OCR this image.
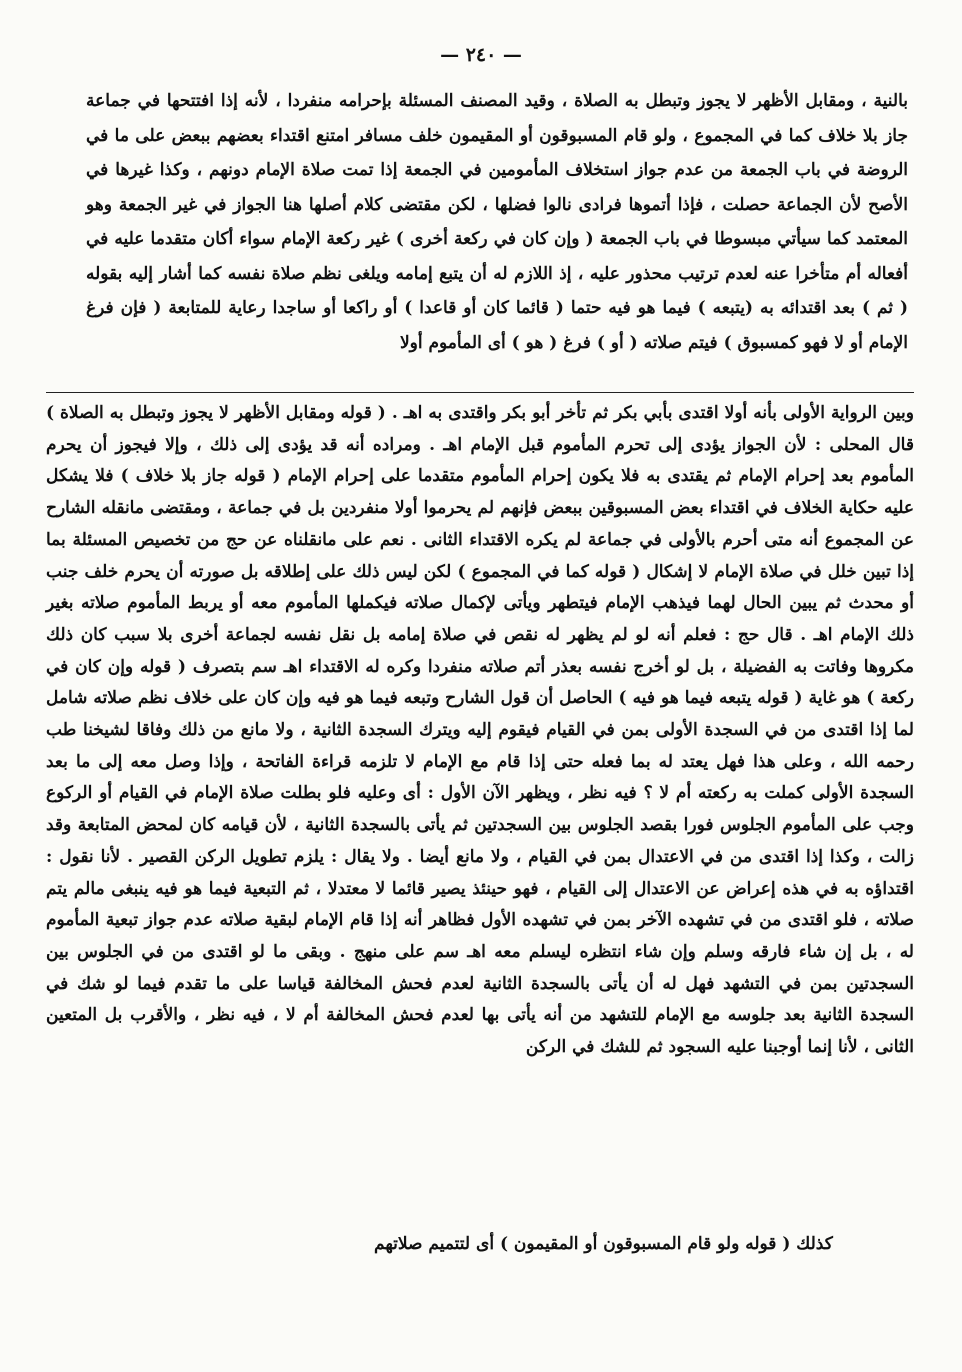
— ٢٤٠ —

بالنية ، ومقابل الأظهر لا يجوز وتبطل به الصلاة ، وقيد المصنف المسئلة بإحرامه منفردا ، لأنه إذا افتتحها في جماعة جاز بلا خلاف كما في المجموع ، ولو قام المسبوقون أو المقيمون خلف مسافر امتنع اقتداء بعضهم ببعض على ما في الروضة في باب الجمعة من عدم جواز استخلاف المأمومين في الجمعة إذا تمت صلاة الإمام دونهم ، وكذا غيرها في الأصح لأن الجماعة حصلت ، فإذا أتموها فرادى نالوا فضلها ، لكن مقتضى كلام أصلها هنا الجواز في غير الجمعة وهو المعتمد كما سيأتي مبسوطا في باب الجمعة ( وإن كان في ركعة أخرى ) غير ركعة الإمام سواء أكان متقدما عليه في أفعاله أم متأخرا عنه لعدم ترتيب محذور عليه ، إذ اللازم له أن يتبع إمامه ويلغى نظم صلاة نفسه كما أشار إليه بقوله ( ثم ) بعد اقتدائه به (يتبعه ) فيما هو فيه حتما ( قائما كان أو قاعدا ) أو راكعا أو ساجدا رعاية للمتابعة ( فإن فرغ الإمام أو لا فهو كمسبوق ) فيتم صلاته ( أو ) فرغ ( هو ) أى المأموم أولا

وبين الرواية الأولى بأنه أولا اقتدى بأبي بكر ثم تأخر أبو بكر واقتدى به اهـ . ( قوله ومقابل الأظهر لا يجوز وتبطل به الصلاة ) قال المحلى : لأن الجواز يؤدى إلى تحرم المأموم قبل الإمام اهـ . ومراده أنه قد يؤدى إلى ذلك ، وإلا فيجوز أن يحرم المأموم بعد إحرام الإمام ثم يقتدى به فلا يكون إحرام المأموم متقدما على إحرام الإمام ( قوله جاز بلا خلاف ) فلا يشكل عليه حكاية الخلاف في اقتداء بعض المسبوقين ببعض فإنهم لم يحرموا أولا منفردين بل في جماعة ، ومقتضى مانقله الشارح عن المجموع أنه متى أحرم بالأولى في جماعة لم يكره الاقتداء الثانى . نعم على مانقلناه عن حج من تخصيص المسئلة بما إذا تبين خلل في صلاة الإمام لا إشكال ( قوله كما في المجموع ) لكن ليس ذلك على إطلاقه بل صورته أن يحرم خلف جنب أو محدث ثم يبين الحال لهما فيذهب الإمام فيتطهر ويأتى لإكمال صلاته فيكملها المأموم معه أو يربط المأموم صلاته بغير ذلك الإمام اهـ . قال حج : فعلم أنه لو لم يظهر له نقص في صلاة إمامه بل نقل نفسه لجماعة أخرى بلا سبب كان ذلك مكروها وفاتت به الفضيلة ، بل لو أخرج نفسه بعذر أتم صلاته منفردا وكره له الاقتداء اهـ سم بتصرف ( قوله وإن كان في ركعة ) هو غاية ( قوله يتبعه فيما هو فيه ) الحاصل أن قول الشارح وتبعه فيما هو فيه وإن كان على خلاف نظم صلاته شامل لما إذا اقتدى من في السجدة الأولى بمن في القيام فيقوم إليه ويترك السجدة الثانية ، ولا مانع من ذلك وفاقا لشيخنا طب رحمه الله ، وعلى هذا فهل يعتد له بما فعله حتى إذا قام مع الإمام لا تلزمه قراءة الفاتحة ، وإذا وصل معه إلى ما بعد السجدة الأولى كملت به ركعته أم لا ؟ فيه نظر ، ويظهر الآن الأول : أى وعليه فلو بطلت صلاة الإمام في القيام أو الركوع وجب على المأموم الجلوس فورا بقصد الجلوس بين السجدتين ثم يأتى بالسجدة الثانية ، لأن قيامه كان لمحض المتابعة وقد زالت ، وكذا إذا اقتدى من في الاعتدال بمن في القيام ، ولا مانع أيضا . ولا يقال : يلزم تطويل الركن القصير . لأنا نقول : اقتداؤه به في هذه إعراض عن الاعتدال إلى القيام ، فهو حينئذ يصير قائما لا معتدلا ، ثم التبعية فيما هو فيه ينبغى مالم يتم صلاته ، فلو اقتدى من في تشهده الآخر بمن في تشهده الأول فظاهر أنه إذا قام الإمام لبقية صلاته عدم جواز تبعية المأموم له ، بل إن شاء فارقه وسلم وإن شاء انتظره ليسلم معه اهـ سم على منهج . وبقى ما لو اقتدى من في الجلوس بين السجدتين بمن في التشهد فهل له أن يأتى بالسجدة الثانية لعدم فحش المخالفة قياسا على ما تقدم فيما لو شك في السجدة الثانية بعد جلوسه مع الإمام للتشهد من أنه يأتى بها لعدم فحش المخالفة أم لا ، فيه نظر ، والأقرب بل المتعين الثانى ، لأنا إنما أوجبنا عليه السجود ثم للشك في الركن

كذلك ( قوله ولو قام المسبوقون أو المقيمون ) أى لتتميم صلاتهم
